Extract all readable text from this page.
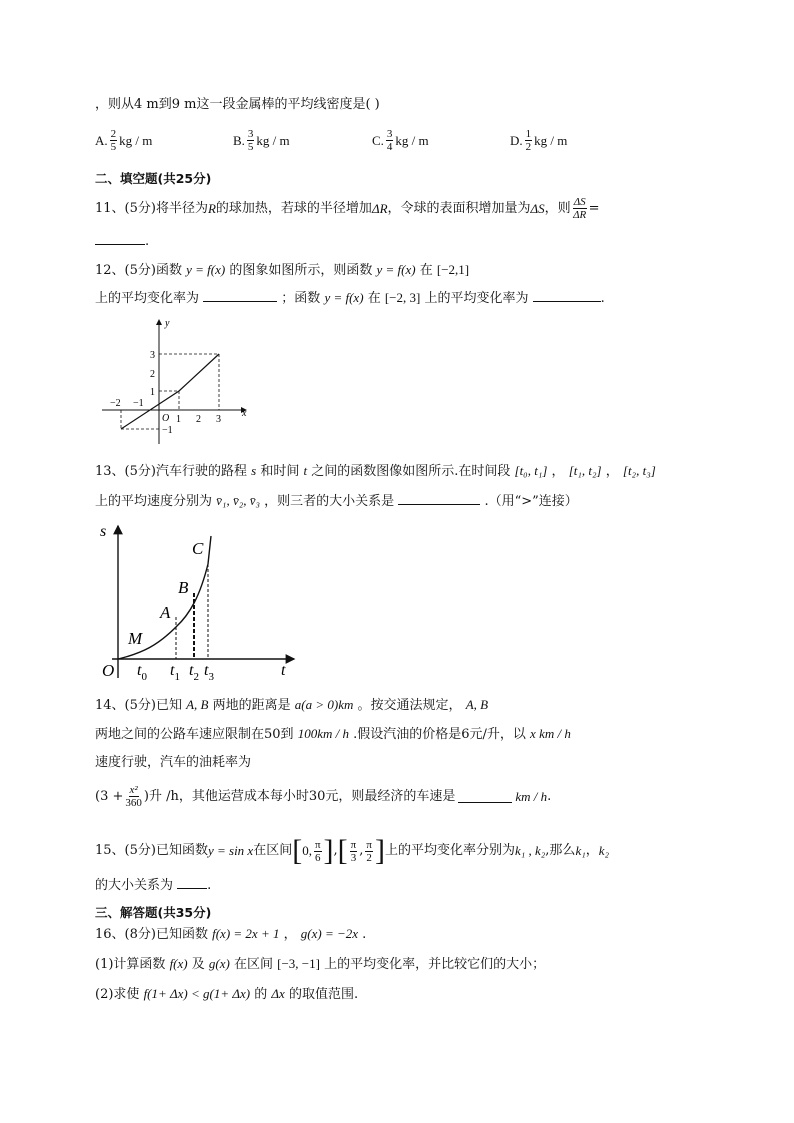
，则从4 m到9 m这一段金属棒的平均线密度是( )
A. $\frac{2}{5}$ kg / m	B. $\frac{3}{5}$ kg / m	C. $\frac{3}{4}$ kg / m	D. $\frac{1}{2}$ kg / m
二、填空题(共25分)
11、(5分)将半径为 R 的球加热，若球的半径增加 ΔR ，令球的表面积增加量为 ΔS ，则 $\frac{\Delta S}{\Delta R}$ =
.
12、(5分)函数 y = f(x) 的图象如图所示，则函数 y = f(x) 在 [−2,1]
上的平均变化率为	；函数 y = f(x) 在 [−2, 3] 上的平均变化率为	.
y
x
O
−2 −1
1 2 3
3
2
1
−1
13、(5分)汽车行驶的路程 s 和时间 t 之间的函数图像如图所示.在时间段 [t₀, t₁] ， [t₁, t₂] ， [t₂, t₃]
上的平均速度分别为 v̄₁, v̄₂, v̄₃ ，则三者的大小关系是	.（用“>”连接）
s
t
O
M
A
B
C
$t_0$ $t_1$ $t_2$ $t_3$
14、(5分)已知 A, B 两地的距离是 a(a > 0)km 。按交通法规定， A, B
两地之间的公路车速应限制在50到 100km / h .假设汽油的价格是6元/升，以 x km / h
速度行驶，汽车的油耗率为
($3 + \frac{\text{x²}}{360}$ )升 /h ，其他运营成本每小时30元，则最经济的车速是	km / h .
15、(5分)已知函数 y = sin x 在区间 [ 0, $\frac{\pi}{6}$ ] , [ $\frac{\pi}{3}$ , $\frac{\pi}{2}$ ] 上的平均变化率分别为 k₁ , k₂ ,那么 k₁ ， k₂
的大小关系为	.
三、解答题(共35分)
16、(8分)已知函数 f(x) = 2x + 1 ， g(x) = −2x .
(1)计算函数 f(x) 及 g(x) 在区间 [−3, −1] 上的平均变化率，并比较它们的大小；
(2)求使 f(1+ Δx) < g(1+ Δx) 的 Δx 的取值范围.
